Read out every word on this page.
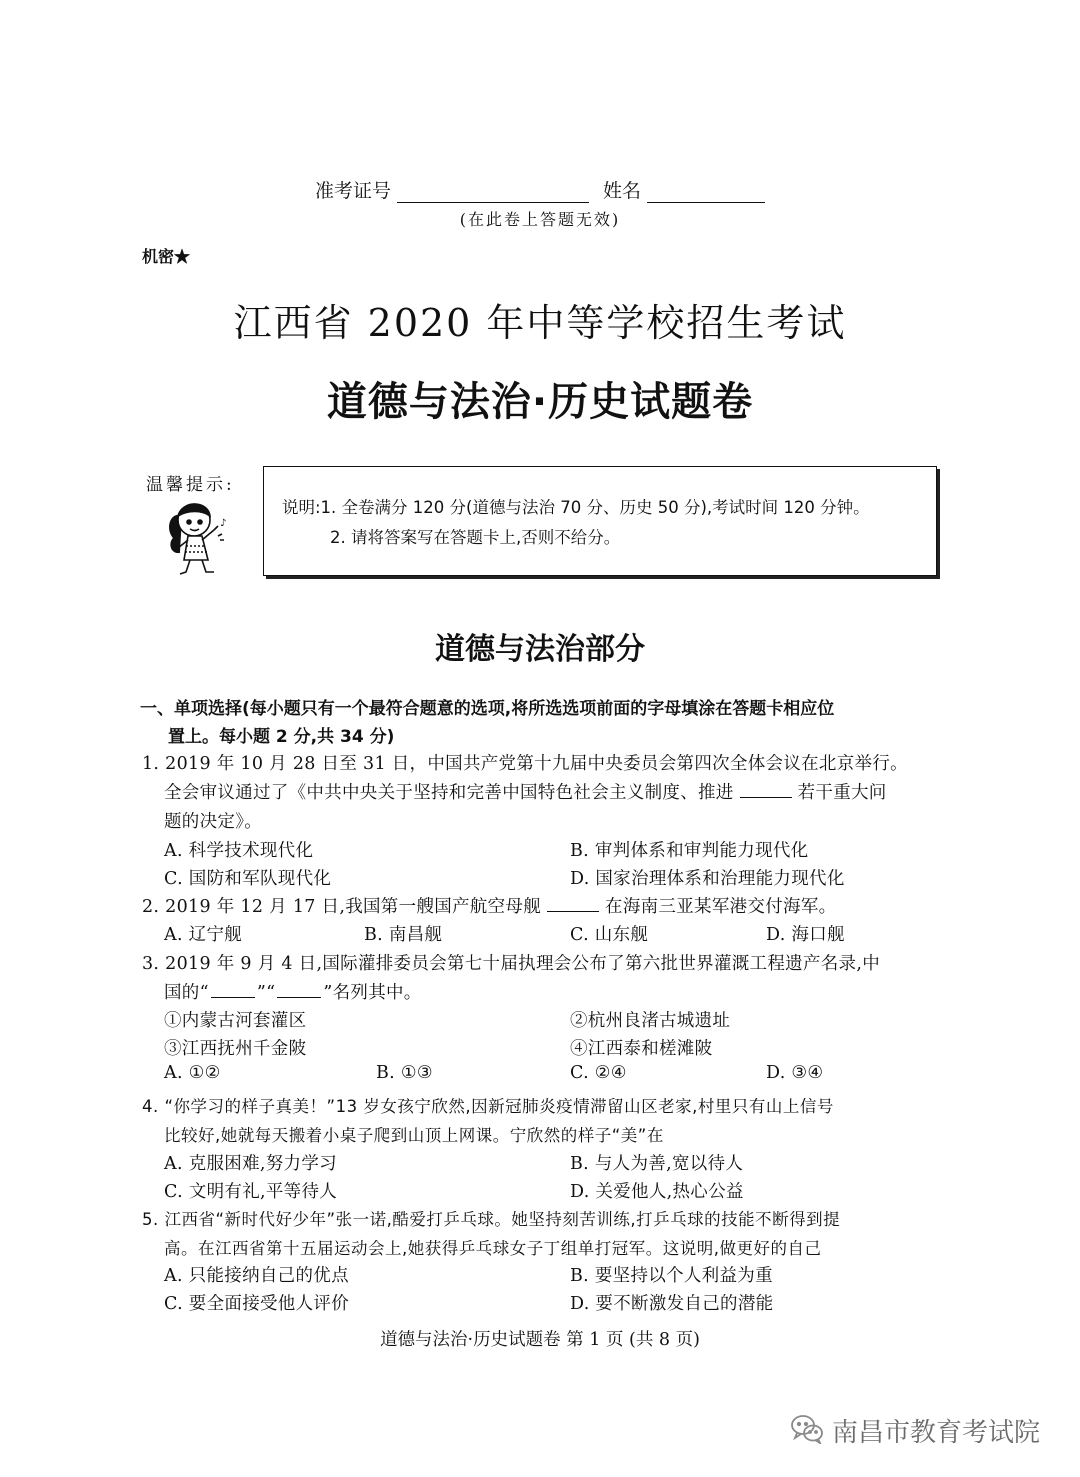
准考证号	姓名
(在此卷上答题无效)
机密★
江西省 2020 年中等学校招生考试
道德与法治·历史试题卷
温馨提示:
♪
说明:1. 全卷满分 120 分(道德与法治 70 分、历史 50 分),考试时间 120 分钟。
2. 请将答案写在答题卡上,否则不给分。
道德与法治部分
一、单项选择(每小题只有一个最符合题意的选项,将所选选项前面的字母填涂在答题卡相应位
置上。每小题 2 分,共 34 分)
1. 2019 年 10 月 28 日至 31 日，中国共产党第十九届中央委员会第四次全体会议在北京举行。
全会审议通过了《中共中央关于坚持和完善中国特色社会主义制度、推进	若干重大问
题的决定》。
A. 科学技术现代化	B. 审判体系和审判能力现代化
C. 国防和军队现代化	D. 国家治理体系和治理能力现代化
2. 2019 年 12 月 17 日,我国第一艘国产航空母舰	在海南三亚某军港交付海军。
A. 辽宁舰	B. 南昌舰	C. 山东舰	D. 海口舰
3. 2019 年 9 月 4 日,国际灌排委员会第七十届执理会公布了第六批世界灌溉工程遗产名录,中
国的“	”“	”名列其中。
①内蒙古河套灌区	②杭州良渚古城遗址
③江西抚州千金陂	④江西泰和槎滩陂
A. ①②	B. ①③	C. ②④	D. ③④
4. “你学习的样子真美！”13 岁女孩宁欣然,因新冠肺炎疫情滞留山区老家,村里只有山上信号
比较好,她就每天搬着小桌子爬到山顶上网课。宁欣然的样子“美”在
A. 克服困难,努力学习	B. 与人为善,宽以待人
C. 文明有礼,平等待人	D. 关爱他人,热心公益
5. 江西省“新时代好少年”张一诺,酷爱打乒乓球。她坚持刻苦训练,打乒乓球的技能不断得到提
高。在江西省第十五届运动会上,她获得乒乓球女子丁组单打冠军。这说明,做更好的自己
A. 只能接纳自己的优点	B. 要坚持以个人利益为重
C. 要全面接受他人评价	D. 要不断激发自己的潜能
道德与法治·历史试题卷 第 1 页 (共 8 页)
南昌市教育考试院
